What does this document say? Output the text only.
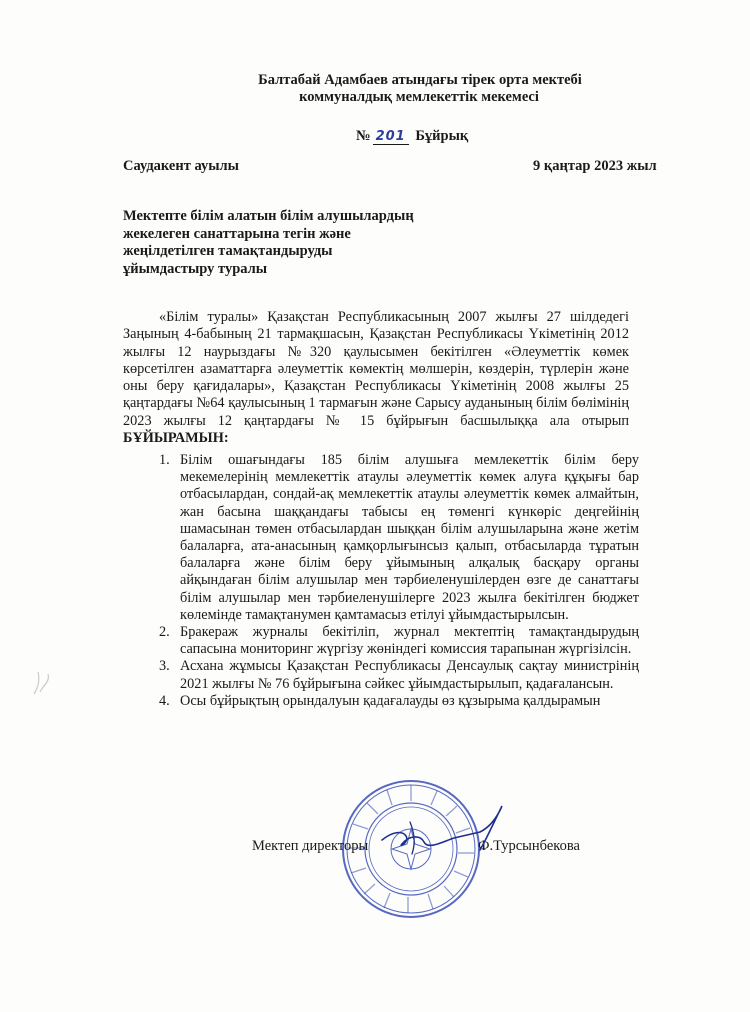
Балтабай Адамбаев атындағы тірек орта мектебі
коммуналдық мемлекеттік мекемесі
№ 201 Бұйрық
Саудакент ауылы	9 қаңтар 2023 жыл
Мектепте білім алатын білім алушылардың
жекелеген санаттарына тегін және
жеңілдетілген тамақтандыруды
ұйымдастыру туралы
«Білім туралы» Қазақстан Республикасының 2007 жылғы 27 шілдедегі Заңының 4-бабының 21 тармақшасын, Қазақстан Республикасы Үкіметінің 2012 жылғы 12 наурыздағы №320 қаулысымен бекітілген «Әлеуметтік көмек көрсетілген азаматтарға әлеуметтік көмектің мөлшерін, көздерін, түрлерін және оны беру қағидалары», Қазақстан Республикасы Үкіметінің 2008 жылғы 25 қаңтардағы №64 қаулысының 1 тармағын және Сарысу ауданының білім бөлімінің 2023 жылғы 12 қаңтардағы № 15 бұйрығын басшылыққа ала отырып БҰЙЫРАМЫН:
1. Білім ошағындағы 185 білім алушыға мемлекеттік білім беру мекемелерінің мемлекеттік атаулы әлеуметтік көмек алуға құқығы бар отбасылардан, сондай-ақ мемлекеттік атаулы әлеуметтік көмек алмайтын, жан басына шаққандағы табысы ең төменгі күнкөріс деңгейінің шамасынан төмен отбасылардан шыққан білім алушыларына және жетім балаларға, ата-анасының қамқорлығынсыз қалып, отбасыларда тұратын балаларға және білім беру ұйымының алқалық басқару органы айқындаған білім алушылар мен тәрбиеленушілерден өзге де санаттағы білім алушылар мен тәрбиеленушілерге 2023 жылға бекітілген бюджет көлемінде тамақтанумен қамтамасыз етілуі ұйымдастырылсын.
2. Бракераж журналы бекітіліп, журнал мектептің тамақтандырудың сапасына мониторинг жүргізу жөніндегі комиссия тарапынан жүргізілсін.
3. Асхана жұмысы Қазақстан Республикасы Денсаулық сақтау министрінің 2021 жылғы № 76 бұйрығына сәйкес ұйымдастырылып, қадағалансын.
4. Осы бұйрықтың орындалуын қадағалауды өз құзырыма қалдырамын
Мектеп директоры	Ф.Турсынбекова
